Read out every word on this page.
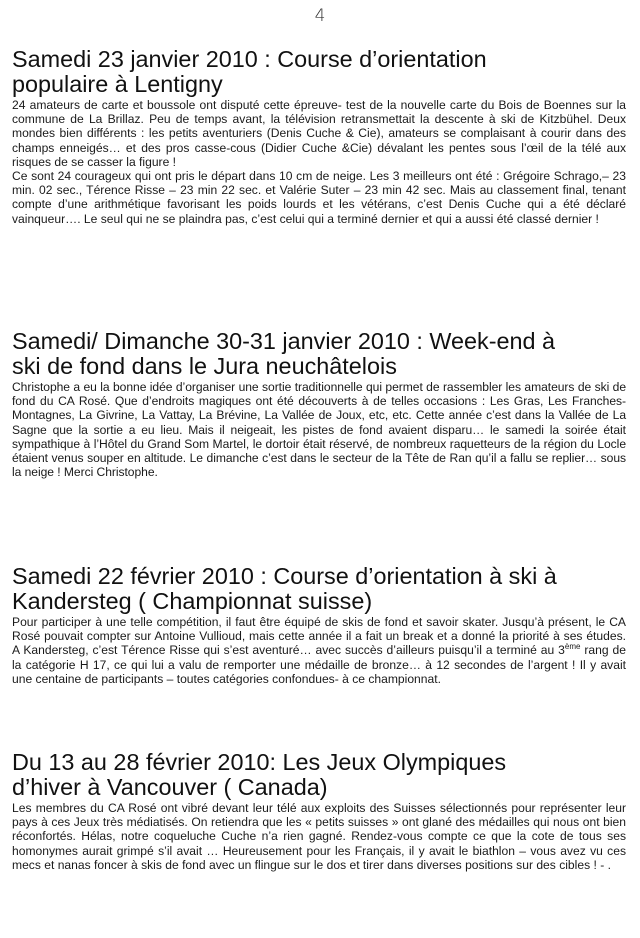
4
Samedi 23 janvier 2010 : Course d’orientation
populaire à Lentigny

24 amateurs de carte et boussole ont disputé cette épreuve- test de la nouvelle carte du Bois de Boennes sur la commune de La Brillaz. Peu de temps avant, la télévision retransmettait la descente à ski de Kitzbühel. Deux mondes bien différents : les petits aventuriers (Denis Cuche & Cie), amateurs se complaisant à courir dans des champs enneigés… et des pros casse-cous (Didier Cuche &Cie) dévalant les pentes sous l’œil de la télé aux risques de se casser la figure !

Ce sont 24 courageux qui ont pris le départ dans 10 cm de neige. Les 3 meilleurs ont été : Grégoire Schrago,– 23 min. 02 sec., Térence Risse – 23 min 22 sec. et Valérie Suter – 23 min 42 sec. Mais au classement final, tenant compte d’une arithmétique favorisant les poids lourds et les vétérans, c’est Denis Cuche qui a été déclaré vainqueur…. Le seul qui ne se plaindra pas, c’est celui qui a terminé dernier et qui a aussi été classé dernier !

Samedi/ Dimanche 30-31 janvier 2010 : Week-end à
ski de fond dans le Jura neuchâtelois

Christophe a eu la bonne idée d’organiser une sortie traditionnelle qui permet de rassembler les amateurs de ski de fond du CA Rosé. Que d’endroits magiques ont été découverts à de telles occasions : Les Gras, Les Franches-Montagnes, La Givrine, La Vattay, La Brévine, La Vallée de Joux, etc, etc. Cette année c’est dans la Vallée de La Sagne que la sortie a eu lieu. Mais il neigeait, les pistes de fond avaient disparu… le samedi la soirée était sympathique à l’Hôtel du Grand Som Martel, le dortoir était réservé, de nombreux raquetteurs de la région du Locle étaient venus souper en altitude. Le dimanche c’est dans le secteur de la Tête de Ran qu’il a fallu se replier… sous la neige ! Merci Christophe.

Samedi 22 février 2010 : Course d’orientation à ski à
Kandersteg ( Championnat suisse)

Pour participer à une telle compétition, il faut être équipé de skis de fond et savoir skater. Jusqu’à présent, le CA Rosé pouvait compter sur Antoine Vullioud, mais cette année il a fait un break et a donné la priorité à ses études. A Kandersteg, c’est Térence Risse qui s’est aventuré… avec succès d’ailleurs puisqu’il a terminé au 3ème rang de la catégorie H 17, ce qui lui a valu de remporter une médaille de bronze… à 12 secondes de l’argent ! Il y avait une centaine de participants – toutes catégories confondues- à ce championnat.

Du 13 au 28 février 2010: Les Jeux Olympiques
d’hiver à Vancouver ( Canada)

Les membres du CA Rosé ont vibré devant leur télé aux exploits des Suisses sélectionnés pour représenter leur pays à ces Jeux très médiatisés. On retiendra que les « petits suisses » ont glané des médailles qui nous ont bien réconfortés. Hélas, notre coqueluche Cuche n’a rien gagné. Rendez-vous compte ce que la cote de tous ses homonymes aurait grimpé s’il avait … Heureusement pour les Français, il y avait le biathlon – vous avez vu ces mecs et nanas foncer à skis de fond avec un flingue sur le dos et tirer dans diverses positions sur des cibles ! - .
